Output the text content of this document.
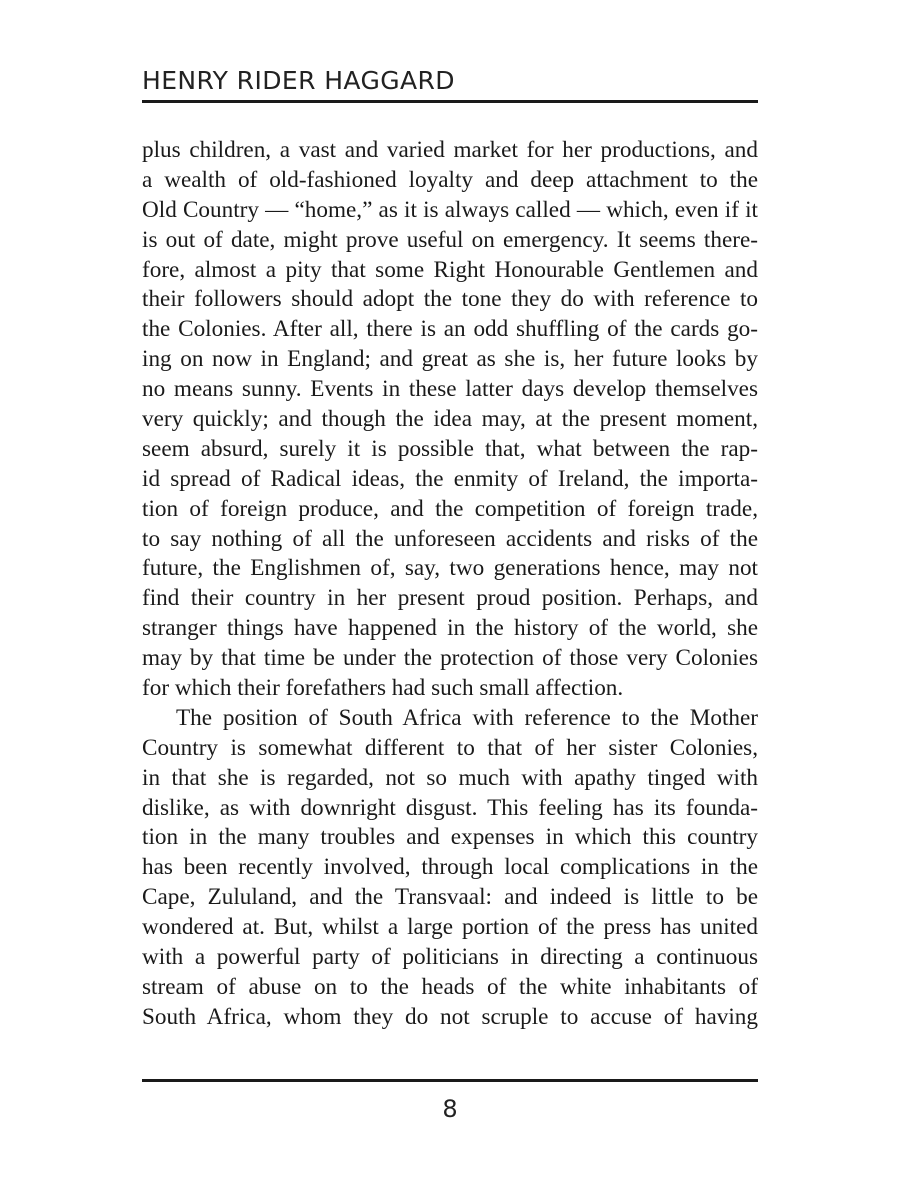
HENRY RIDER HAGGARD
plus children, a vast and varied market for her productions, and
a wealth of old-fashioned loyalty and deep attachment to the
Old Country — “home,” as it is always called — which, even if it
is out of date, might prove useful on emergency. It seems there-
fore, almost a pity that some Right Honourable Gentlemen and
their followers should adopt the tone they do with reference to
the Colonies. After all, there is an odd shuffling of the cards go-
ing on now in England; and great as she is, her future looks by
no means sunny. Events in these latter days develop themselves
very quickly; and though the idea may, at the present moment,
seem absurd, surely it is possible that, what between the rap-
id spread of Radical ideas, the enmity of Ireland, the importa-
tion of foreign produce, and the competition of foreign trade,
to say nothing of all the unforeseen accidents and risks of the
future, the Englishmen of, say, two generations hence, may not
find their country in her present proud position. Perhaps, and
stranger things have happened in the history of the world, she
may by that time be under the protection of those very Colonies
for which their forefathers had such small affection.
The position of South Africa with reference to the Mother
Country is somewhat different to that of her sister Colonies,
in that she is regarded, not so much with apathy tinged with
dislike, as with downright disgust. This feeling has its founda-
tion in the many troubles and expenses in which this country
has been recently involved, through local complications in the
Cape, Zululand, and the Transvaal: and indeed is little to be
wondered at. But, whilst a large portion of the press has united
with a powerful party of politicians in directing a continuous
stream of abuse on to the heads of the white inhabitants of
South Africa, whom they do not scruple to accuse of having
8
